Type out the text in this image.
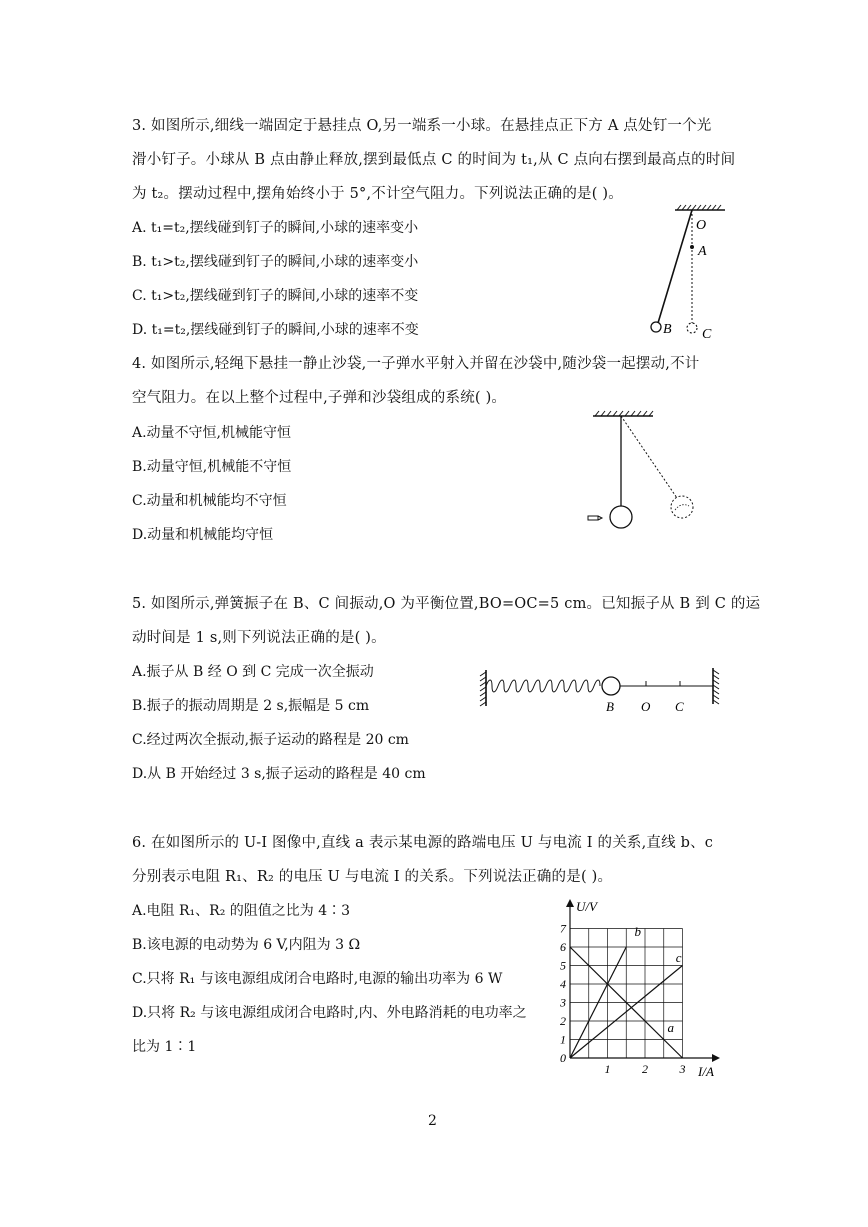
3. 如图所示,细线一端固定于悬挂点 O,另一端系一小球。在悬挂点正下方 A 点处钉一个光
滑小钉子。小球从 B 点由静止释放,摆到最低点 C 的时间为 t₁,从 C 点向右摆到最高点的时间
为 t₂。摆动过程中,摆角始终小于 5°,不计空气阻力。下列说法正确的是( )。
A. t₁=t₂,摆线碰到钉子的瞬间,小球的速率变小
B. t₁>t₂,摆线碰到钉子的瞬间,小球的速率变小
C. t₁>t₂,摆线碰到钉子的瞬间,小球的速率不变
D. t₁=t₂,摆线碰到钉子的瞬间,小球的速率不变
O
A
B C
4. 如图所示,轻绳下悬挂一静止沙袋,一子弹水平射入并留在沙袋中,随沙袋一起摆动,不计
空气阻力。在以上整个过程中,子弹和沙袋组成的系统( )。
A.动量不守恒,机械能守恒
B.动量守恒,机械能不守恒
C.动量和机械能均不守恒
D.动量和机械能均守恒
5. 如图所示,弹簧振子在 B、C 间振动,O 为平衡位置,BO=OC=5 cm。已知振子从 B 到 C 的运
动时间是 1 s,则下列说法正确的是( )。
A.振子从 B 经 O 到 C 完成一次全振动
B.振子的振动周期是 2 s,振幅是 5 cm
C.经过两次全振动,振子运动的路程是 20 cm
D.从 B 开始经过 3 s,振子运动的路程是 40 cm
B O C
6. 在如图所示的 U-I 图像中,直线 a 表示某电源的路端电压 U 与电流 I 的关系,直线 b、c
分别表示电阻 R₁、R₂ 的电压 U 与电流 I 的关系。下列说法正确的是( )。
A.电阻 R₁、R₂ 的阻值之比为 4∶3
B.该电源的电动势为 6 V,内阻为 3 Ω
C.只将 R₁ 与该电源组成闭合电路时,电源的输出功率为 6 W
D.只将 R₂ 与该电源组成闭合电路时,内、外电路消耗的电功率之
比为 1∶1
U/V
I/A
0
1
2
3
4
5
6
7
1	2	3
b
c
a
2
